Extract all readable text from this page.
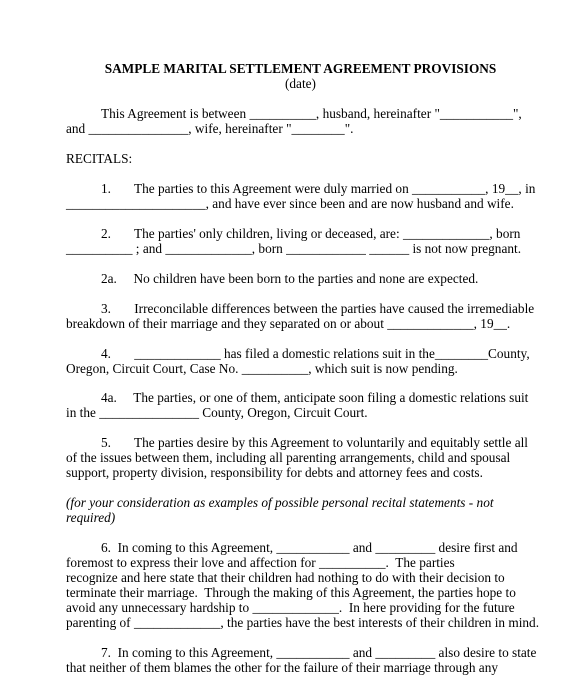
SAMPLE MARITAL SETTLEMENT AGREEMENT PROVISIONS
(date)
This Agreement is between __________, husband, hereinafter "___________",
and _______________, wife, hereinafter "________".
RECITALS:
1.       The parties to this Agreement were duly married on ___________, 19__, in
_____________________, and have ever since been and are now husband and wife.
2.       The parties' only children, living or deceased, are: _____________, born
__________ ; and _____________, born ____________ ______ is not now pregnant.
2a.     No children have been born to the parties and none are expected.
3.       Irreconcilable differences between the parties have caused the irremediable
breakdown of their marriage and they separated on or about _____________, 19__.
4.       _____________ has filed a domestic relations suit in the________County,
Oregon, Circuit Court, Case No. __________, which suit is now pending.
4a.     The parties, or one of them, anticipate soon filing a domestic relations suit
in the _______________ County, Oregon, Circuit Court.
5.       The parties desire by this Agreement to voluntarily and equitably settle all
of the issues between them, including all parenting arrangements, child and spousal
support, property division, responsibility for debts and attorney fees and costs.
(for your consideration as examples of possible personal recital statements - not
required)
6.  In coming to this Agreement, ___________ and _________ desire first and
foremost to express their love and affection for __________.  The parties
recognize and here state that their children had nothing to do with their decision to
terminate their marriage.  Through the making of this Agreement, the parties hope to
avoid any unnecessary hardship to _____________.  In here providing for the future
parenting of _____________, the parties have the best interests of their children in mind.
7.  In coming to this Agreement, ___________ and _________ also desire to state
that neither of them blames the other for the failure of their marriage through any
